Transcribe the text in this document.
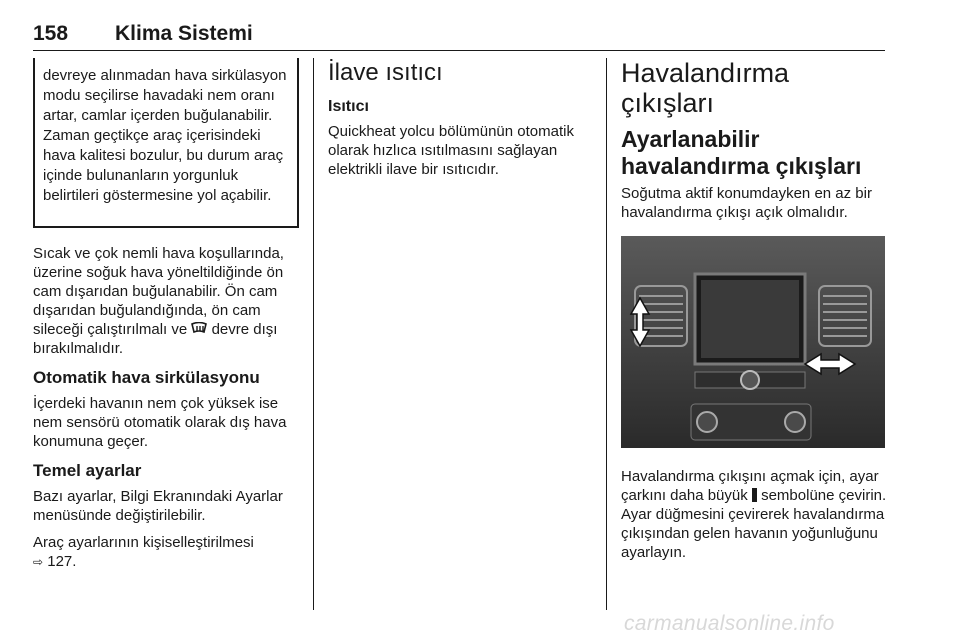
158 Klima Sistemi
devreye alınmadan hava sirkülasyon modu seçilirse havadaki nem oranı artar, camlar içerden buğulanabilir. Zaman geçtikçe araç içerisindeki hava kalitesi bozulur, bu durum araç içinde bulunanların yorgunluk belirtileri göstermesine yol açabilir.

Sıcak ve çok nemli hava koşullarında, üzerine soğuk hava yöneltildiğinde ön cam dışarıdan buğulanabilir. Ön cam dışarıdan buğulandığında, ön cam sileceği çalıştırılmalı ve devre dışı bırakılmalıdır.

Otomatik hava sirkülasyonu

İçerdeki havanın nem çok yüksek ise nem sensörü otomatik olarak dış hava konumuna geçer.

Temel ayarlar

Bazı ayarlar, Bilgi Ekranındaki Ayarlar menüsünde değiştirilebilir.

Araç ayarlarının kişiselleştirilmesi
⇨ 127.

İlave ısıtıcı
Isıtıcı

Quickheat yolcu bölümünün otomatik olarak hızlıca ısıtılmasını sağlayan elektrikli ilave bir ısıtıcıdır.

Havalandırma çıkışları
Ayarlanabilir havalandırma çıkışları

Soğutma aktif konumdayken en az bir havalandırma çıkışı açık olmalıdır.

Havalandırma çıkışını açmak için, ayar çarkını daha büyük sembolüne çevirin. Ayar düğmesini çevirerek havalandırma çıkışından gelen havanın yoğunluğunu ayarlayın.

carmanualsonline.info
